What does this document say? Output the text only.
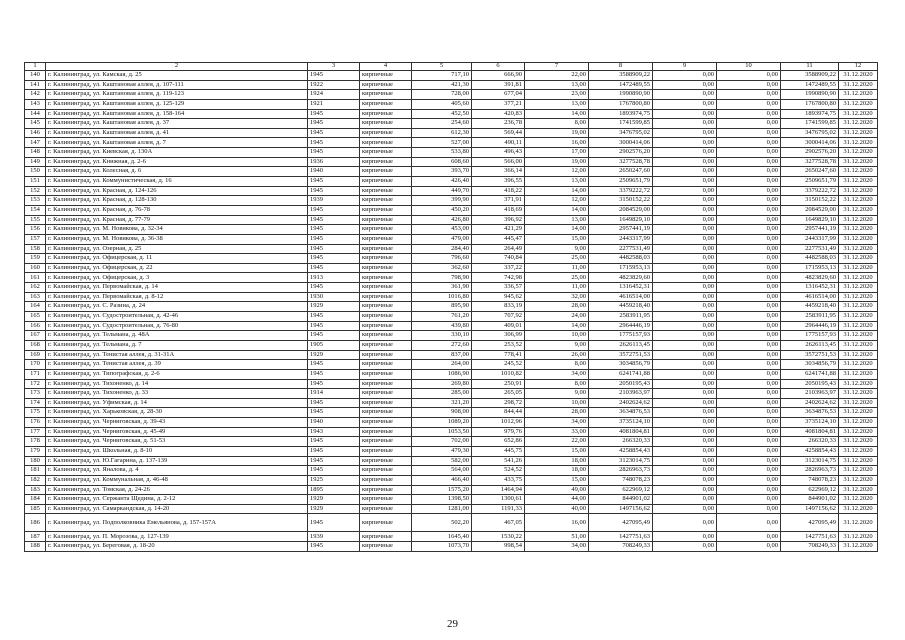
1	2	3	4	5	6	7	8	9	10	11	12
140	г. Калининград, ул. Камская, д. 25	1945	кирпичные	717,10	666,90	22,00	3588909,22	0,00	0,00	3588909,22	31.12.2020
141	г. Калининград, ул. Каштановая аллея, д. 107-111	1922	кирпичные	421,30	391,81	13,00	1472489,55	0,00	0,00	1472489,55	31.12.2020
142	г. Калининград, ул. Каштановая аллея, д. 119-123	1924	кирпичные	728,00	677,04	23,00	1990890,90	0,00	0,00	1990890,90	31.12.2020
143	г. Калининград, ул. Каштановая аллея, д. 125-129	1921	кирпичные	405,60	377,21	13,00	1767800,80	0,00	0,00	1767800,80	31.12.2020
144	г. Калининград, ул. Каштановая аллея, д. 158-164	1945	кирпичные	452,50	420,83	14,00	1893974,75	0,00	0,00	1893974,75	31.12.2020
145	г. Калининград, ул. Каштановая аллея, д. 37	1945	кирпичные	254,60	236,78	8,00	1741599,85	0,00	0,00	1741599,85	31.12.2020
146	г. Калининград, ул. Каштановая аллея, д. 41	1945	кирпичные	612,30	569,44	19,00	3476795,02	0,00	0,00	3476795,02	31.12.2020
147	г. Калининград, ул. Каштановая аллея, д. 7	1945	кирпичные	527,00	490,11	16,00	3000414,06	0,00	0,00	3000414,06	31.12.2020
148	г. Калининград, ул. Киевская, д. 130А	1945	кирпичные	533,80	496,43	17,00	2902576,20	0,00	0,00	2902576,20	31.12.2020
149	г. Калининград, ул. Книжная, д. 2-6	1936	кирпичные	608,60	566,00	19,00	3277528,78	0,00	0,00	3277528,78	31.12.2020
150	г. Калининград, ул. Колесная, д. 6	1940	кирпичные	393,70	366,14	12,00	2650247,60	0,00	0,00	2650247,60	31.12.2020
151	г. Калининград, ул. Коммунистическая, д. 16	1945	кирпичные	426,40	396,55	13,00	2509651,79	0,00	0,00	2509651,79	31.12.2020
152	г. Калининград, ул. Красная, д. 124-126	1945	кирпичные	449,70	418,22	14,00	3379222,72	0,00	0,00	3379222,72	31.12.2020
153	г. Калининград, ул. Красная, д. 128-130	1939	кирпичные	399,90	371,91	12,00	3150152,22	0,00	0,00	3150152,22	31.12.2020
154	г. Калининград, ул. Красная, д. 76-78	1945	кирпичные	450,20	418,69	14,00	2084529,00	0,00	0,00	2084529,00	31.12.2020
155	г. Калининград, ул. Красная, д. 77-79	1945	кирпичные	426,80	396,92	13,00	1649829,10	0,00	0,00	1649829,10	31.12.2020
156	г. Калининград, ул. М. Новикова, д. 32-34	1945	кирпичные	453,00	421,29	14,00	2957441,19	0,00	0,00	2957441,19	31.12.2020
157	г. Калининград, ул. М. Новикова, д. 36-38	1945	кирпичные	479,00	445,47	15,00	2443317,99	0,00	0,00	2443317,99	31.12.2020
158	г. Калининград, ул. Озерная, д. 25	1945	кирпичные	284,40	264,49	9,00	2277531,49	0,00	0,00	2277531,49	31.12.2020
159	г. Калининград, ул. Офицерская, д. 11	1945	кирпичные	796,60	740,84	25,00	4482588,03	0,00	0,00	4482588,03	31.12.2020
160	г. Калининград, ул. Офицерская, д. 22	1945	кирпичные	362,60	337,22	11,00	1715953,13	0,00	0,00	1715953,13	31.12.2020
161	г. Калининград, ул. Офицерская, д. 3	1913	кирпичные	798,90	742,98	25,00	4823829,60	0,00	0,00	4823829,60	31.12.2020
162	г. Калининград, ул. Первомайская, д. 14	1945	кирпичные	361,90	336,57	11,00	1316452,31	0,00	0,00	1316452,31	31.12.2020
163	г. Калининград, ул. Первомайская, д. 8-12	1930	кирпичные	1016,80	945,62	32,00	4616514,00	0,00	0,00	4616514,00	31.12.2020
164	г. Калининград, ул. С. Разина, д. 24	1929	кирпичные	895,90	833,19	28,00	4459218,40	0,00	0,00	4459218,40	31.12.2020
165	г. Калининград, ул. Судостроительная, д. 42-46	1945	кирпичные	761,20	707,92	24,00	2583911,95	0,00	0,00	2583911,95	31.12.2020
166	г. Калининград, ул. Судостроительная, д. 76-80	1945	кирпичные	439,80	409,01	14,00	2964446,19	0,00	0,00	2964446,19	31.12.2020
167	г. Калининград, ул. Тельмана, д. 48А	1945	кирпичные	330,10	306,99	10,00	1775157,93	0,00	0,00	1775157,93	31.12.2020
168	г. Калининград, ул. Тельмана, д. 7	1905	кирпичные	272,60	253,52	9,00	2626113,45	0,00	0,00	2626113,45	31.12.2020
169	г. Калининград, ул. Тенистая аллея, д. 31-31А	1929	кирпичные	837,00	778,41	26,00	3572751,53	0,00	0,00	3572751,53	31.12.2020
170	г. Калининград, ул. Тенистая аллея, д. 39	1945	кирпичные	264,00	245,52	8,00	3034856,79	0,00	0,00	3034856,79	31.12.2020
171	г. Калининград, ул. Типографская, д. 2-6	1945	кирпичные	1086,90	1010,82	34,00	6241741,88	0,00	0,00	6241741,88	31.12.2020
172	г. Калининград, ул. Тихоненко, д. 14	1945	кирпичные	269,80	250,91	8,00	2050195,43	0,00	0,00	2050195,43	31.12.2020
173	г. Калининград, ул. Тихоненко, д. 33	1914	кирпичные	285,00	265,05	9,00	2103963,97	0,00	0,00	2103963,97	31.12.2020
174	г. Калининград, ул. Уфимская, д. 14	1945	кирпичные	321,20	298,72	10,00	2402624,62	0,00	0,00	2402624,62	31.12.2020
175	г. Калининград, ул. Харьковская, д. 28-30	1945	кирпичные	908,00	844,44	28,00	3634876,53	0,00	0,00	3634876,53	31.12.2020
176	г. Калининград, ул. Черниговская, д. 39-43	1940	кирпичные	1089,20	1012,96	34,00	3735124,10	0,00	0,00	3735124,10	31.12.2020
177	г. Калининград, ул. Черниговская, д. 45-49	1943	кирпичные	1053,50	979,76	33,00	4081804,81	0,00	0,00	4081804,81	31.12.2020
178	г. Калининград, ул. Черниговская, д. 51-53	1945	кирпичные	702,00	652,86	22,00	266320,33	0,00	0,00	266320,33	31.12.2020
179	г. Калининград, ул. Школьная, д. 8-10	1945	кирпичные	479,30	445,75	15,00	4258854,43	0,00	0,00	4258854,43	31.12.2020
180	г. Калининград, ул. Ю.Гагарина, д. 137-139	1945	кирпичные	582,00	541,26	18,00	3123014,75	0,00	0,00	3123014,75	31.12.2020
181	г. Калининград, ул. Яналова, д. 4	1945	кирпичные	564,00	524,52	18,00	2826963,73	0,00	0,00	2826963,73	31.12.2020
182	г. Калининград, ул. Коммунальная, д. 46-48	1925	кирпичные	466,40	433,75	15,00	748078,23	0,00	0,00	748078,23	31.12.2020
183	г. Калининград, ул. Томская, д. 24-26	1895	кирпичные	1575,20	1464,94	49,00	622969,12	0,00	0,00	622969,12	31.12.2020
184	г. Калининград, ул. Сержанта Щедина, д. 2-12	1929	кирпичные	1398,50	1300,61	44,00	844901,02	0,00	0,00	844901,02	31.12.2020
185	г. Калининград, ул. Самаркандская, д. 14-20	1929	кирпичные	1281,00	1191,33	40,00	1497156,62	0,00	0,00	1497156,62	31.12.2020
186	г. Калининград, ул. Подполковника Емельянова, д. 157-157А	1945	кирпичные	502,20	467,05	16,00	427095,49	0,00	0,00	427095,49	31.12.2020
187	г. Калининград, ул. П. Морозова, д. 127-139	1939	кирпичные	1645,40	1530,22	51,00	1427751,63	0,00	0,00	1427751,63	31.12.2020
188	г. Калининград, ул. Береговая, д. 18-20	1945	кирпичные	1073,70	998,54	34,00	708249,33	0,00	0,00	708249,33	31.12.2020
29
